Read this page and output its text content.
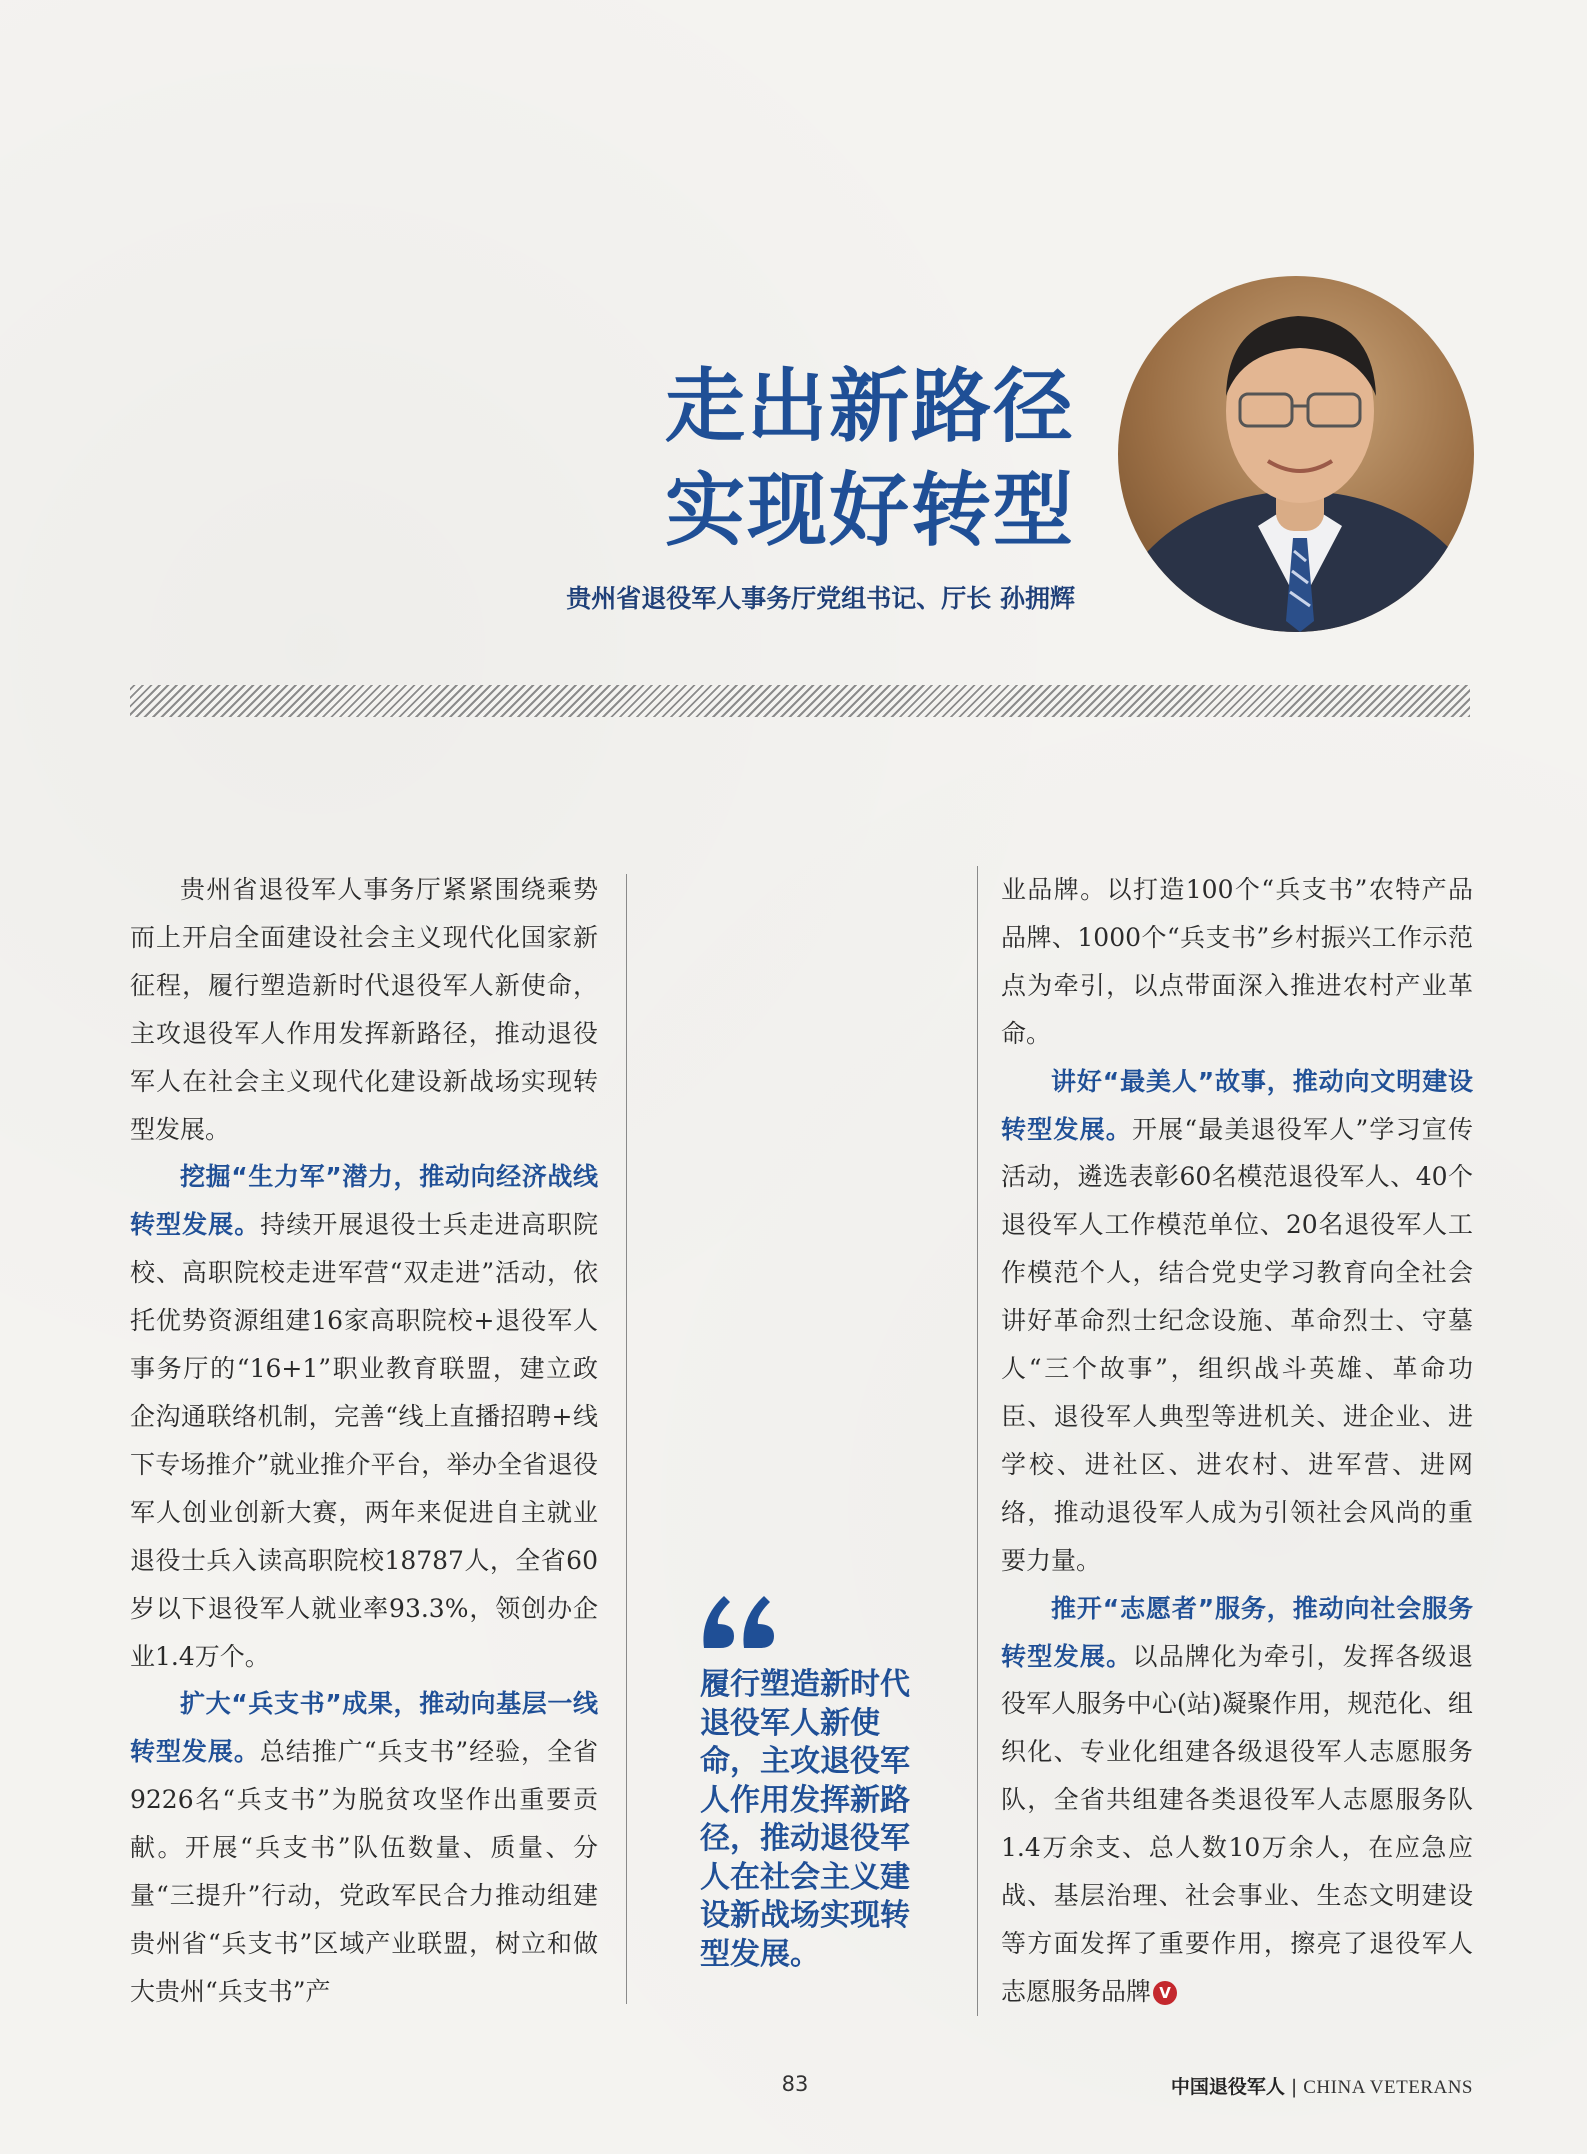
走出新路径
实现好转型
贵州省退役军人事务厅党组书记、厅长 孙拥辉

贵州省退役军人事务厅紧紧围绕乘势而上开启全面建设社会主义现代化国家新征程，履行塑造新时代退役军人新使命，主攻退役军人作用发挥新路径，推动退役军人在社会主义现代化建设新战场实现转型发展。

挖掘“生力军”潜力，推动向经济战线转型发展。持续开展退役士兵走进高职院校、高职院校走进军营“双走进”活动，依托优势资源组建16家高职院校+退役军人事务厅的“16+1”职业教育联盟，建立政企沟通联络机制，完善“线上直播招聘+线下专场推介”就业推介平台，举办全省退役军人创业创新大赛，两年来促进自主就业退役士兵入读高职院校18787人，全省60岁以下退役军人就业率93.3%，领创办企业1.4万个。

扩大“兵支书”成果，推动向基层一线转型发展。总结推广“兵支书”经验，全省9226名“兵支书”为脱贫攻坚作出重要贡献。开展“兵支书”队伍数量、质量、分量“三提升”行动，党政军民合力推动组建贵州省“兵支书”区域产业联盟，树立和做大贵州“兵支书”产

履行塑造新时代退役军人新使命，主攻退役军人作用发挥新路径，推动退役军人在社会主义建设新战场实现转型发展。

业品牌。以打造100个“兵支书”农特产品品牌、1000个“兵支书”乡村振兴工作示范点为牵引，以点带面深入推进农村产业革命。

讲好“最美人”故事，推动向文明建设转型发展。开展“最美退役军人”学习宣传活动，遴选表彰60名模范退役军人、40个退役军人工作模范单位、20名退役军人工作模范个人，结合党史学习教育向全社会讲好革命烈士纪念设施、革命烈士、守墓人“三个故事”，组织战斗英雄、革命功臣、退役军人典型等进机关、进企业、进学校、进社区、进农村、进军营、进网络，推动退役军人成为引领社会风尚的重要力量。

推开“志愿者”服务，推动向社会服务转型发展。以品牌化为牵引，发挥各级退役军人服务中心(站)凝聚作用，规范化、组织化、专业化组建各级退役军人志愿服务队，全省共组建各类退役军人志愿服务队1.4万余支、总人数10万余人，在应急应战、基层治理、社会事业、生态文明建设等方面发挥了重要作用，擦亮了退役军人志愿服务品牌 V

83	中国退役军人 | CHINA VETERANS
